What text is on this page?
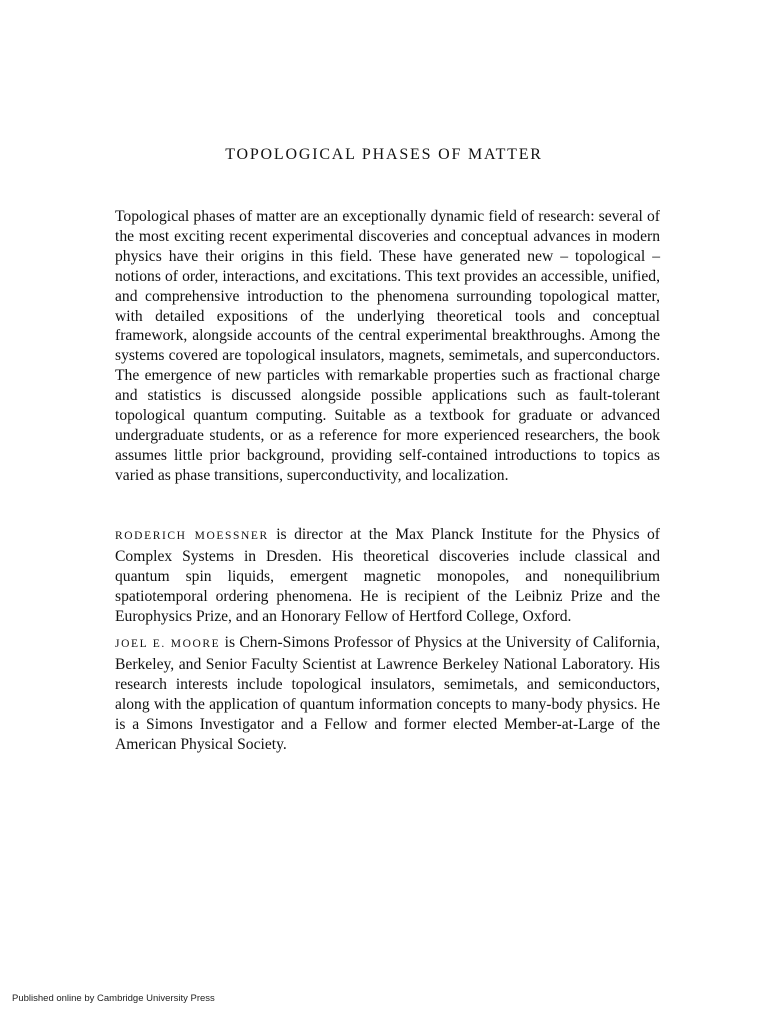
TOPOLOGICAL PHASES OF MATTER

Topological phases of matter are an exceptionally dynamic field of research: several of the most exciting recent experimental discoveries and conceptual advances in modern physics have their origins in this field. These have generated new – topological – notions of order, interactions, and excitations. This text provides an accessible, unified, and comprehensive introduction to the phenomena surrounding topological matter, with detailed expositions of the underlying theoretical tools and conceptual framework, alongside accounts of the central experimental breakthroughs. Among the systems covered are topological insulators, magnets, semimetals, and superconductors. The emergence of new particles with remarkable properties such as fractional charge and statistics is discussed alongside possible applications such as fault-tolerant topological quantum computing. Suitable as a textbook for graduate or advanced undergraduate students, or as a reference for more experienced researchers, the book assumes little prior background, providing self-contained introductions to topics as varied as phase transitions, superconductivity, and localization.

RODERICH MOESSNER is director at the Max Planck Institute for the Physics of Complex Systems in Dresden. His theoretical discoveries include classical and quantum spin liquids, emergent magnetic monopoles, and nonequilibrium spatiotemporal ordering phenomena. He is recipient of the Leibniz Prize and the Europhysics Prize, and an Honorary Fellow of Hertford College, Oxford.

JOEL E. MOORE is Chern-Simons Professor of Physics at the University of California, Berkeley, and Senior Faculty Scientist at Lawrence Berkeley National Laboratory. His research interests include topological insulators, semimetals, and semiconductors, along with the application of quantum information concepts to many-body physics. He is a Simons Investigator and a Fellow and former elected Member-at-Large of the American Physical Society.

Published online by Cambridge University Press
